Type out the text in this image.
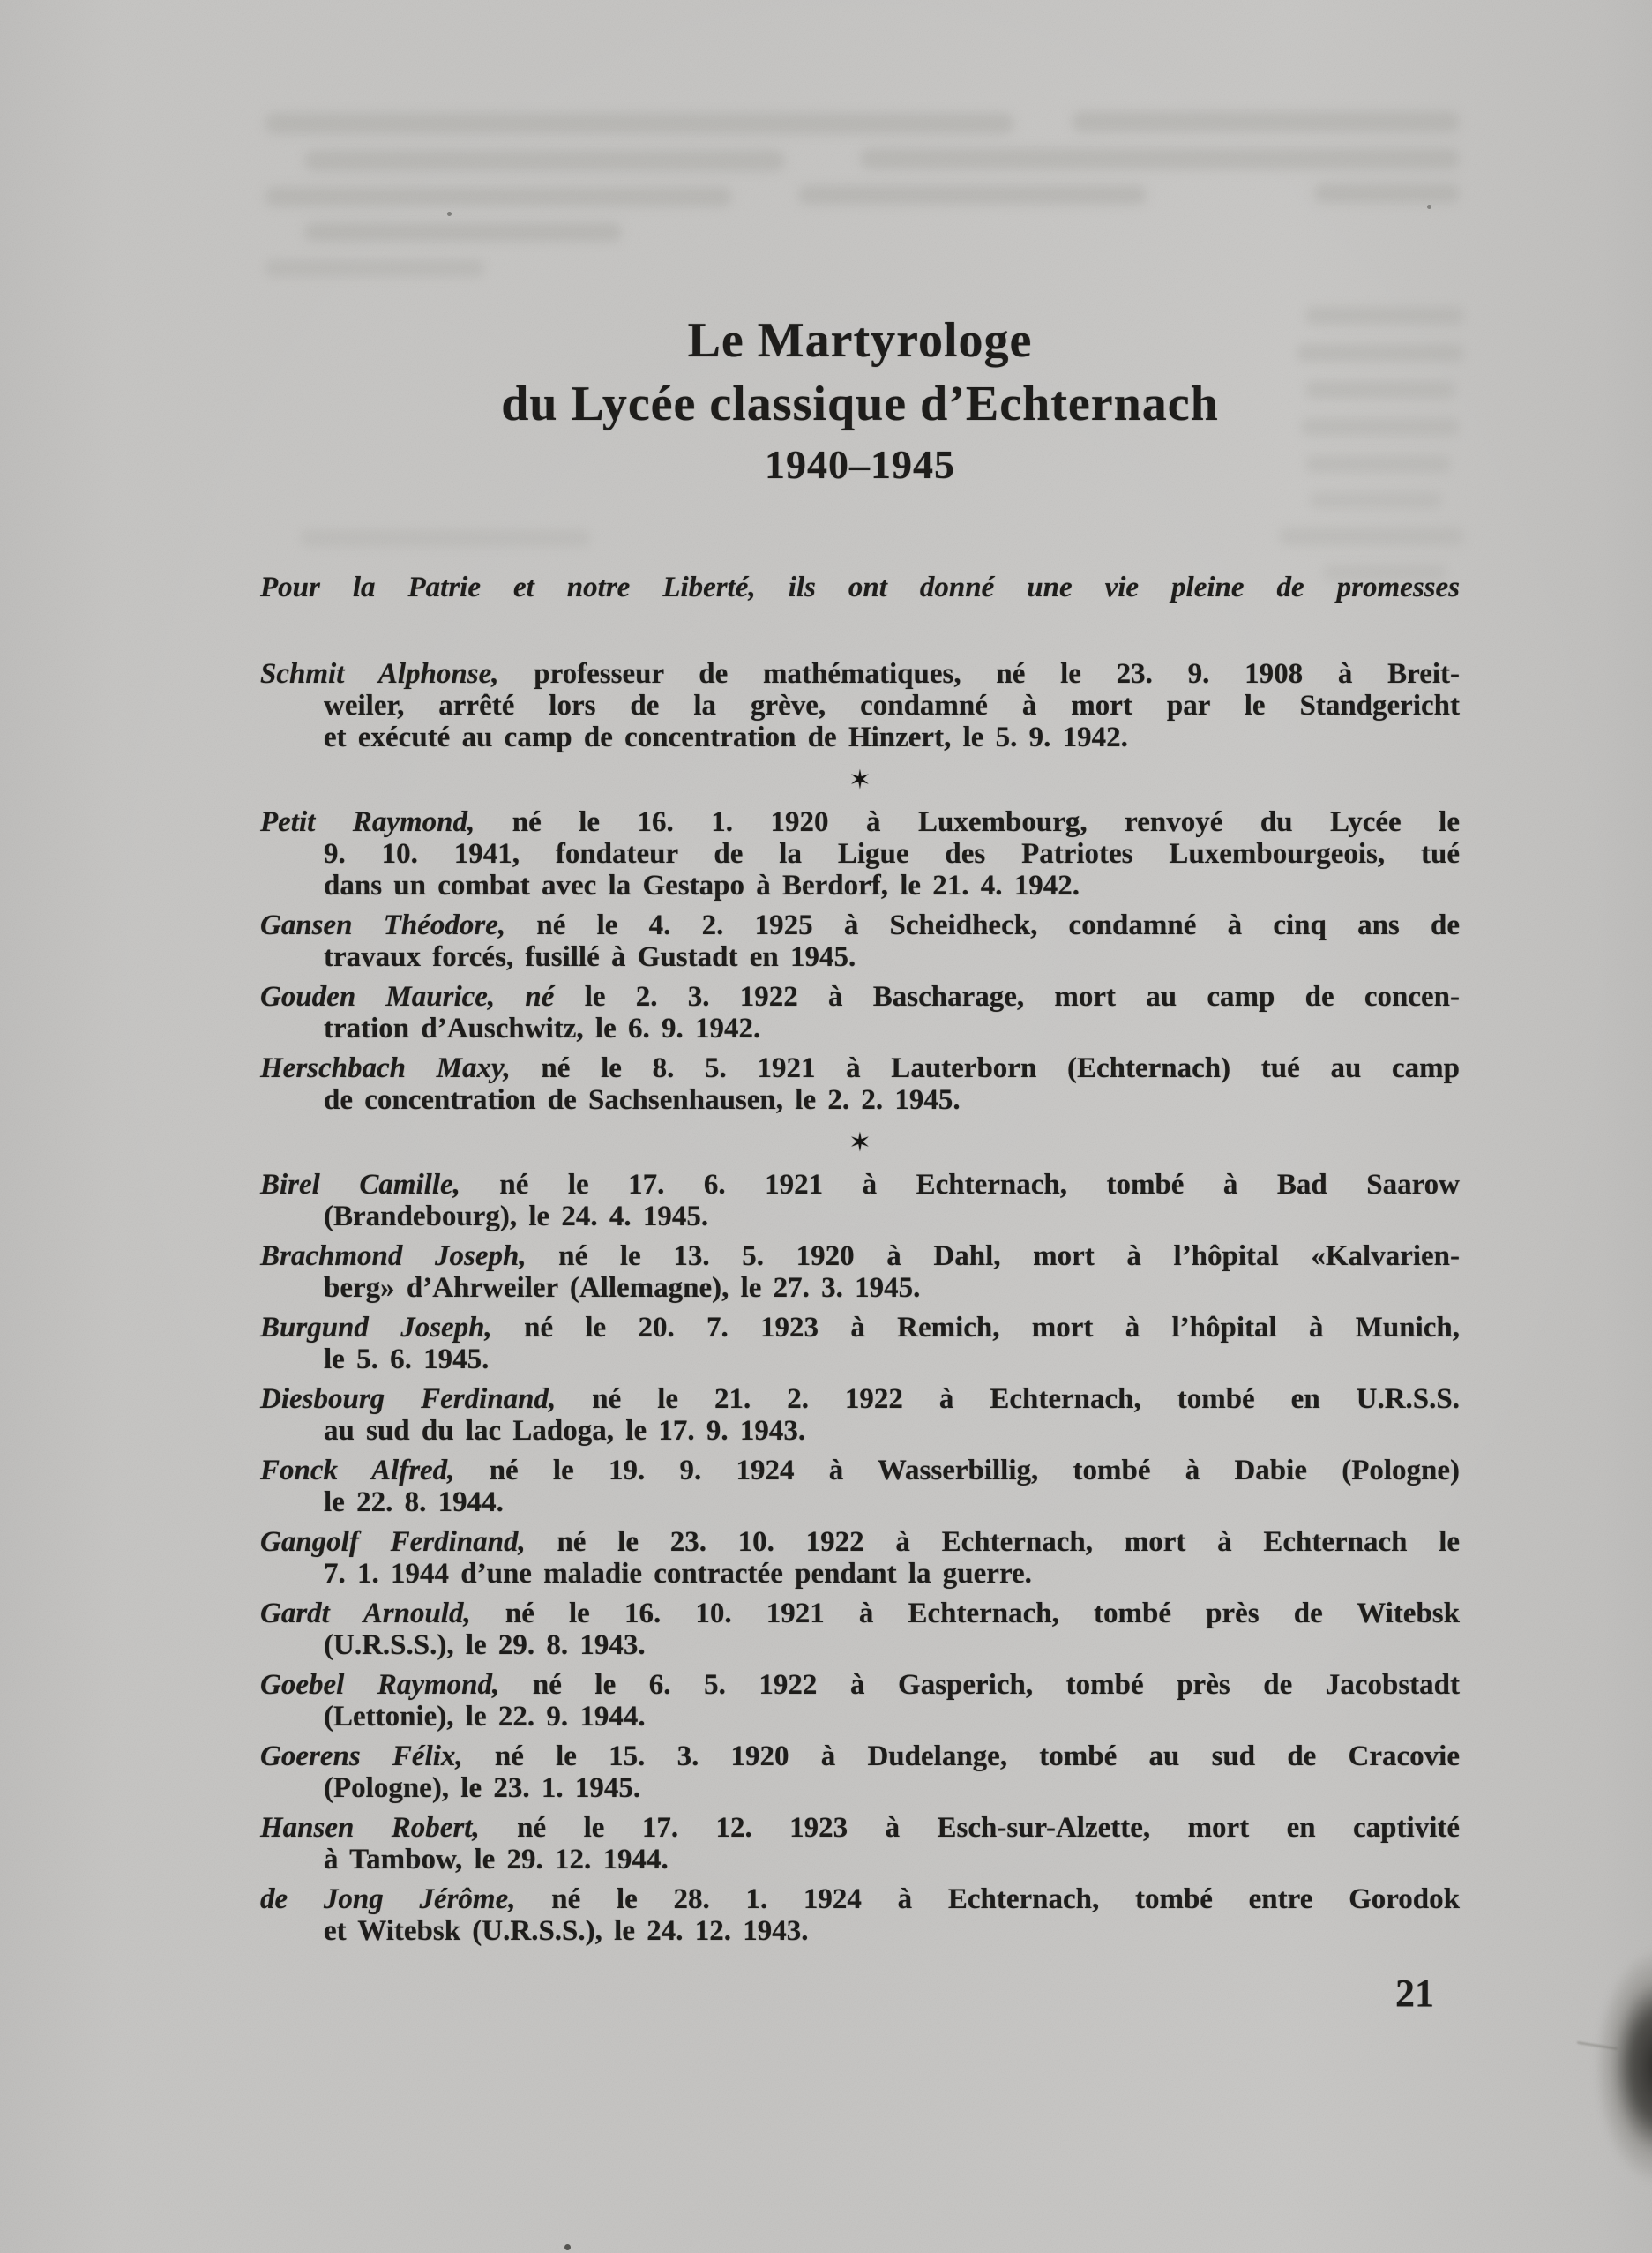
Le Martyrologe
du Lycée classique d’Echternach
1940–1945
Pour la Patrie et notre Liberté, ils ont donné une vie pleine de promesses
Schmit Alphonse, professeur de mathématiques, né le 23. 9. 1908 à Breit-
weiler, arrêté lors de la grève, condamné à mort par le Standgericht
et exécuté au camp de concentration de Hinzert, le 5. 9. 1942.
✶
Petit Raymond, né le 16. 1. 1920 à Luxembourg, renvoyé du Lycée le
9. 10. 1941, fondateur de la Ligue des Patriotes Luxembourgeois, tué
dans un combat avec la Gestapo à Berdorf, le 21. 4. 1942.
Gansen Théodore, né le 4. 2. 1925 à Scheidheck, condamné à cinq ans de
travaux forcés, fusillé à Gustadt en 1945.
Gouden Maurice, né le 2. 3. 1922 à Bascharage, mort au camp de concen-
tration d’Auschwitz, le 6. 9. 1942.
Herschbach Maxy, né le 8. 5. 1921 à Lauterborn (Echternach) tué au camp
de concentration de Sachsenhausen, le 2. 2. 1945.
✶
Birel Camille, né le 17. 6. 1921 à Echternach, tombé à Bad Saarow
(Brandebourg), le 24. 4. 1945.
Brachmond Joseph, né le 13. 5. 1920 à Dahl, mort à l’hôpital «Kalvarien-
berg» d’Ahrweiler (Allemagne), le 27. 3. 1945.
Burgund Joseph, né le 20. 7. 1923 à Remich, mort à l’hôpital à Munich,
le 5. 6. 1945.
Diesbourg Ferdinand, né le 21. 2. 1922 à Echternach, tombé en U.R.S.S.
au sud du lac Ladoga, le 17. 9. 1943.
Fonck Alfred, né le 19. 9. 1924 à Wasserbillig, tombé à Dabie (Pologne)
le 22. 8. 1944.
Gangolf Ferdinand, né le 23. 10. 1922 à Echternach, mort à Echternach le
7. 1. 1944 d’une maladie contractée pendant la guerre.
Gardt Arnould, né le 16. 10. 1921 à Echternach, tombé près de Witebsk
(U.R.S.S.), le 29. 8. 1943.
Goebel Raymond, né le 6. 5. 1922 à Gasperich, tombé près de Jacobstadt
(Lettonie), le 22. 9. 1944.
Goerens Félix, né le 15. 3. 1920 à Dudelange, tombé au sud de Cracovie
(Pologne), le 23. 1. 1945.
Hansen Robert, né le 17. 12. 1923 à Esch-sur-Alzette, mort en captivité
à Tambow, le 29. 12. 1944.
de Jong Jérôme, né le 28. 1. 1924 à Echternach, tombé entre Gorodok
et Witebsk (U.R.S.S.), le 24. 12. 1943.
21
